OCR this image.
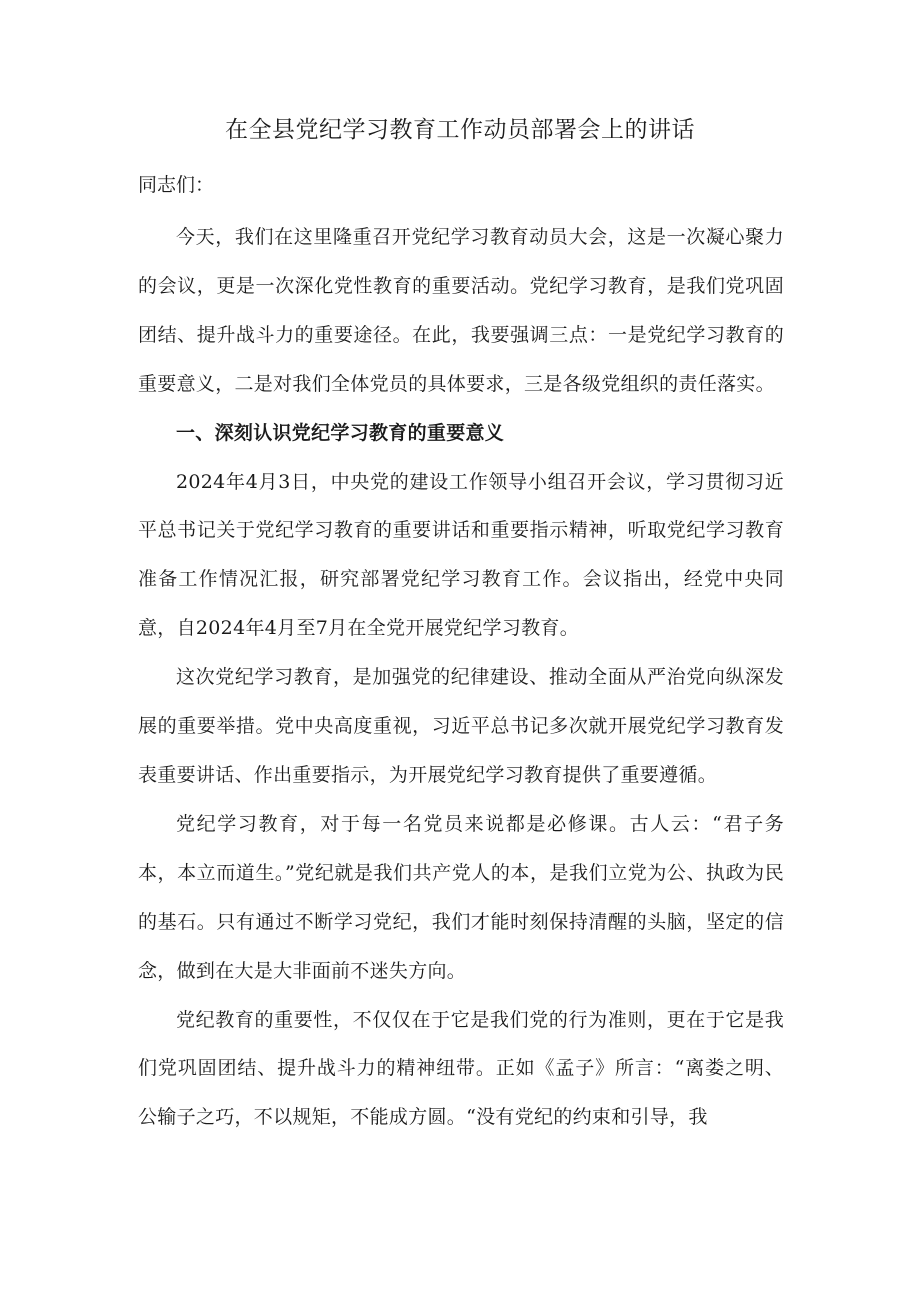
在全县党纪学习教育工作动员部署会上的讲话
同志们：

今天，我们在这里隆重召开党纪学习教育动员大会，这是一次凝心聚力的会议，更是一次深化党性教育的重要活动。党纪学习教育，是我们党巩固团结、提升战斗力的重要途径。在此，我要强调三点：一是党纪学习教育的重要意义，二是对我们全体党员的具体要求，三是各级党组织的责任落实。

一、深刻认识党纪学习教育的重要意义

2024年4月3日，中央党的建设工作领导小组召开会议，学习贯彻习近平总书记关于党纪学习教育的重要讲话和重要指示精神，听取党纪学习教育准备工作情况汇报，研究部署党纪学习教育工作。会议指出，经党中央同意，自2024年4月至7月在全党开展党纪学习教育。

这次党纪学习教育，是加强党的纪律建设、推动全面从严治党向纵深发展的重要举措。党中央高度重视，习近平总书记多次就开展党纪学习教育发表重要讲话、作出重要指示，为开展党纪学习教育提供了重要遵循。

党纪学习教育，对于每一名党员来说都是必修课。古人云：“君子务本，本立而道生。”党纪就是我们共产党人的本，是我们立党为公、执政为民的基石。只有通过不断学习党纪，我们才能时刻保持清醒的头脑，坚定的信念，做到在大是大非面前不迷失方向。

党纪教育的重要性，不仅仅在于它是我们党的行为准则，更在于它是我们党巩固团结、提升战斗力的精神纽带。正如《孟子》所言：“离娄之明、公输子之巧，不以规矩，不能成方圆。“没有党纪的约束和引导，我
